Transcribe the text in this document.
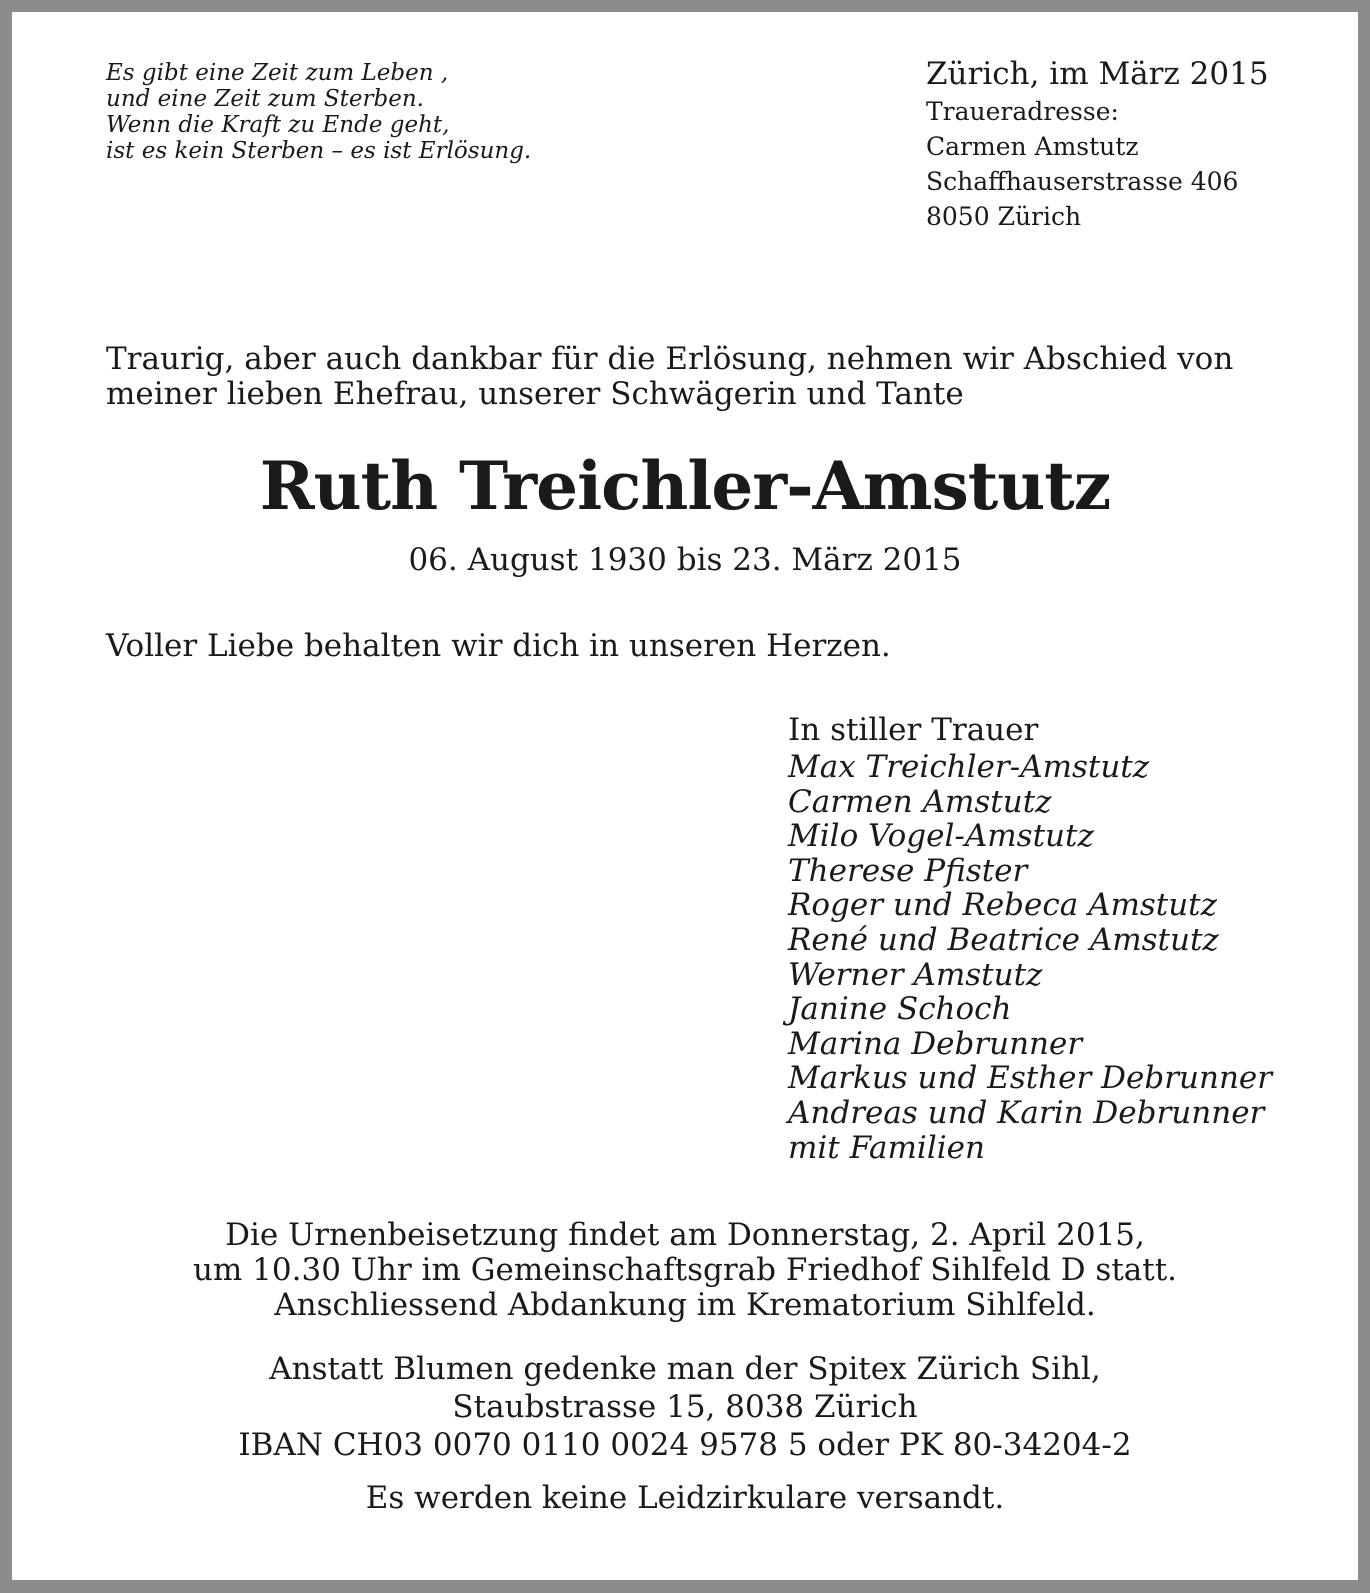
Es gibt eine Zeit zum Leben ,
und eine Zeit zum Sterben.
Wenn die Kraft zu Ende geht,
ist es kein Sterben – es ist Erlösung.
Zürich, im März 2015
Traueradresse:
Carmen Amstutz
Schaffhauserstrasse 406
8050 Zürich
Traurig, aber auch dankbar für die Erlösung, nehmen wir Abschied von
meiner lieben Ehefrau, unserer Schwägerin und Tante
Ruth Treichler-Amstutz
06. August 1930 bis 23. März 2015
Voller Liebe behalten wir dich in unseren Herzen.
In stiller Trauer
Max Treichler-Amstutz
Carmen Amstutz
Milo Vogel-Amstutz
Therese Pfister
Roger und Rebeca Amstutz
René und Beatrice Amstutz
Werner Amstutz
Janine Schoch
Marina Debrunner
Markus und Esther Debrunner
Andreas und Karin Debrunner
mit Familien
Die Urnenbeisetzung findet am Donnerstag, 2. April 2015,
um 10.30 Uhr im Gemeinschaftsgrab Friedhof Sihlfeld D statt.
Anschliessend Abdankung im Krematorium Sihlfeld.
Anstatt Blumen gedenke man der Spitex Zürich Sihl,
Staubstrasse 15, 8038 Zürich
IBAN CH03 0070 0110 0024 9578 5 oder PK 80-34204-2
Es werden keine Leidzirkulare versandt.
